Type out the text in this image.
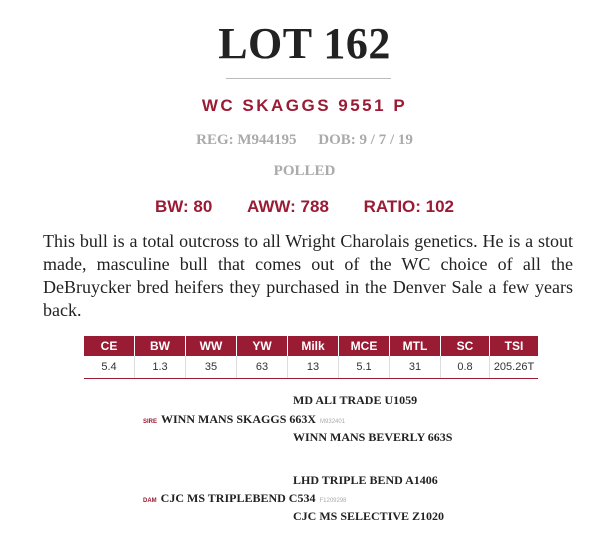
LOT 162
WC SKAGGS 9551 P
REG: M944195 DOB: 9 / 7 / 19
POLLED
BW: 80 AWW: 788 RATIO: 102
This bull is a total outcross to all Wright Charolais genetics. He is a stout made, masculine bull that comes out of the WC choice of all the DeBruycker bred heifers they purchased in the Denver Sale a few years back.
CE	BW	WW	YW	Milk	MCE	MTL	SC	TSI
5.4	1.3	35	63	13	5.1	31	0.8	205.26T
MD ALI TRADE U1059
SIRE WINN MANS SKAGGS 663X M932401
WINN MANS BEVERLY 663S
LHD TRIPLE BEND A1406
DAM CJC MS TRIPLEBEND C534 F1209298
CJC MS SELECTIVE Z1020
